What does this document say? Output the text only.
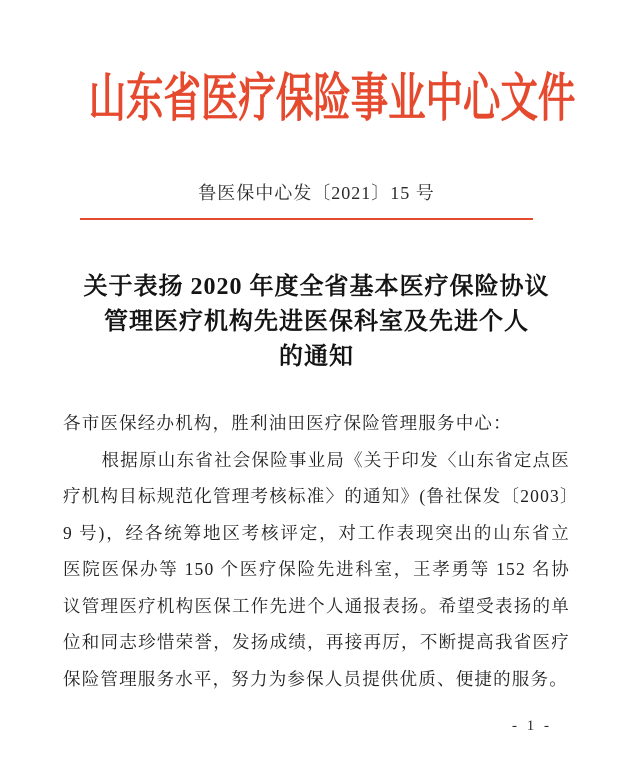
山东省医疗保险事业中心文件
鲁医保中心发〔2021〕15 号
关于表扬 2020 年度全省基本医疗保险协议
管理医疗机构先进医保科室及先进个人
的通知

各市医保经办机构，胜利油田医疗保险管理服务中心：

根据原山东省社会保险事业局《关于印发〈山东省定点医疗机构目标规范化管理考核标准〉的通知》(鲁社保发〔2003〕9 号)，经各统筹地区考核评定，对工作表现突出的山东省立医院医保办等 150 个医疗保险先进科室，王孝勇等 152 名协议管理医疗机构医保工作先进个人通报表扬。希望受表扬的单位和同志珍惜荣誉，发扬成绩，再接再厉，不断提高我省医疗保险管理服务水平，努力为参保人员提供优质、便捷的服务。

- 1 -
